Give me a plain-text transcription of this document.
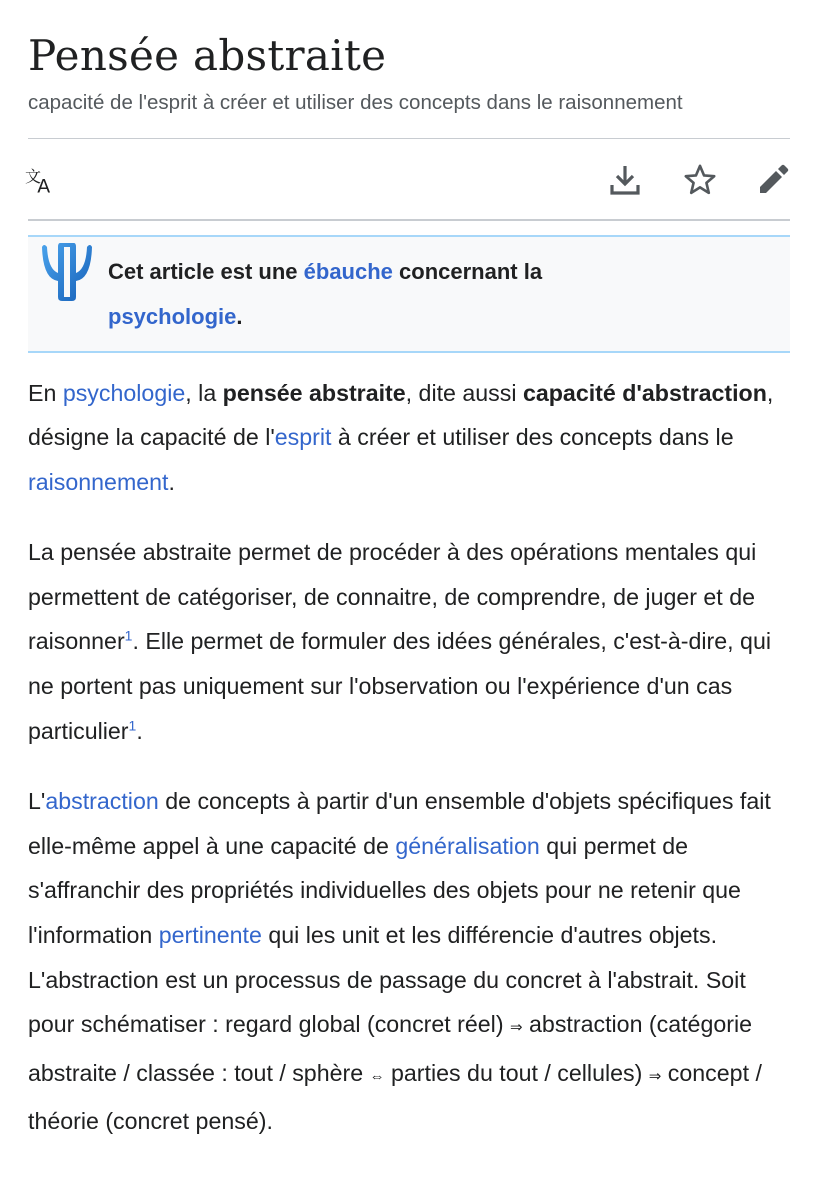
Pensée abstraite
capacité de l'esprit à créer et utiliser des concepts dans le raisonnement
文
A
Cet article est une ébauche concernant la
psychologie.

En psychologie, la pensée abstraite, dite aussi capacité d'abstraction, désigne la capacité de l'esprit à créer et utiliser des concepts dans le raisonnement.

La pensée abstraite permet de procéder à des opérations mentales qui permettent de catégoriser, de connaitre, de comprendre, de juger et de raisonner$^1$. Elle permet de formuler des idées générales, c'est-à-dire, qui ne portent pas uniquement sur l'observation ou l'expérience d'un cas particulier$^1$.

L'abstraction de concepts à partir d'un ensemble d'objets spécifiques fait elle-même appel à une capacité de généralisation qui permet de s'affranchir des propriétés individuelles des objets pour ne retenir que l'information pertinente qui les unit et les différencie d'autres objets. L'abstraction est un processus de passage du concret à l'abstrait. Soit pour schématiser : regard global (concret réel) ⇒ abstraction (catégorie abstraite / classée : tout / sphère ⇔ parties du tout / cellules) ⇒ concept / théorie (concret pensé).
